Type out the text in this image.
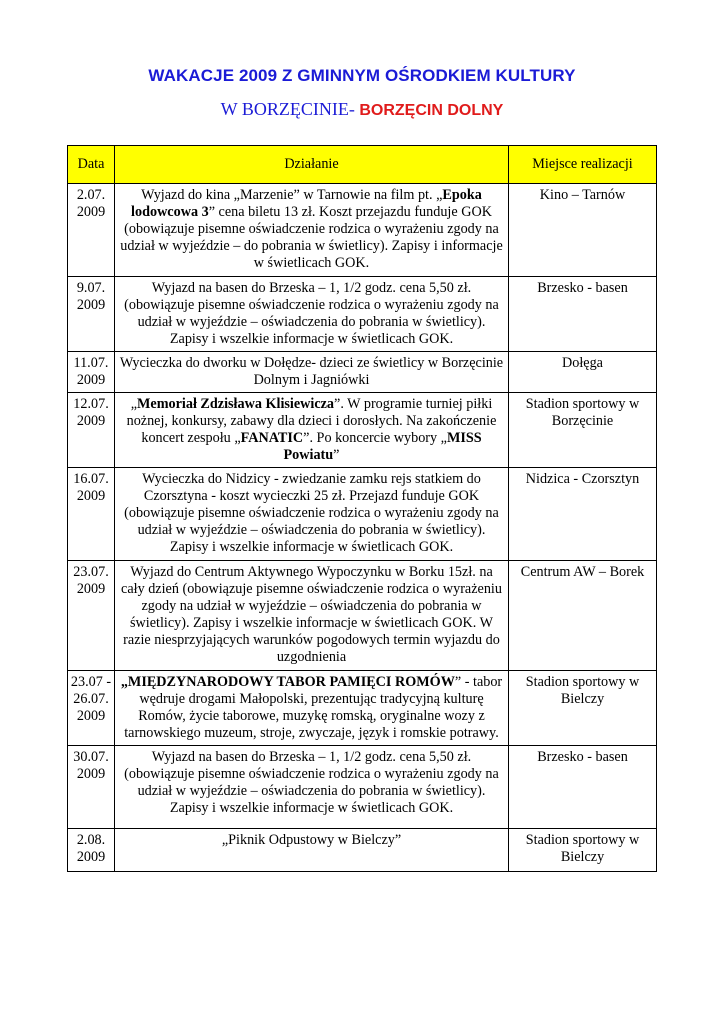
WAKACJE 2009 Z GMINNYM OŚRODKIEM KULTURY
W BORZĘCINIE- BORZĘCIN DOLNY
Data	Działanie	Miejsce realizacji
2.07. 2009	Wyjazd do kina „Marzenie” w Tarnowie na film pt. „Epoka lodowcowa 3” cena biletu 13 zł. Koszt przejazdu funduje GOK (obowiązuje pisemne oświadczenie rodzica o wyrażeniu zgody na udział w wyjeździe – do pobrania w świetlicy). Zapisy i informacje w świetlicach GOK.	Kino – Tarnów
9.07. 2009	Wyjazd na basen do Brzeska – 1, 1/2 godz. cena 5,50 zł. (obowiązuje pisemne oświadczenie rodzica o wyrażeniu zgody na udział w wyjeździe – oświadczenia do pobrania w świetlicy). Zapisy i wszelkie informacje w świetlicach GOK.	Brzesko - basen
11.07. 2009	Wycieczka do dworku w Dołędze- dzieci ze świetlicy w Borzęcinie Dolnym i Jagniówki	Dołęga
12.07. 2009	„Memoriał Zdzisława Klisiewicza”. W programie turniej piłki nożnej, konkursy, zabawy dla dzieci i dorosłych. Na zakończenie koncert zespołu „FANATIC”. Po koncercie wybory „MISS Powiatu”	Stadion sportowy w Borzęcinie
16.07. 2009	Wycieczka do Nidzicy - zwiedzanie zamku rejs statkiem do Czorsztyna - koszt wycieczki 25 zł. Przejazd funduje GOK (obowiązuje pisemne oświadczenie rodzica o wyrażeniu zgody na udział w wyjeździe – oświadczenia do pobrania w świetlicy). Zapisy i wszelkie informacje w świetlicach GOK.	Nidzica - Czorsztyn
23.07. 2009	Wyjazd do Centrum Aktywnego Wypoczynku w Borku 15zł. na cały dzień (obowiązuje pisemne oświadczenie rodzica o wyrażeniu zgody na udział w wyjeździe – oświadczenia do pobrania w świetlicy). Zapisy i wszelkie informacje w świetlicach GOK. W razie niesprzyjających warunków pogodowych termin wyjazdu do uzgodnienia	Centrum AW – Borek
23.07 - 26.07. 2009	„MIĘDZYNARODOWY TABOR PAMIĘCI ROMÓW” - tabor wędruje drogami Małopolski, prezentując tradycyjną kulturę Romów, życie taborowe, muzykę romską, oryginalne wozy z tarnowskiego muzeum, stroje, zwyczaje, język i romskie potrawy.	Stadion sportowy w Bielczy
30.07. 2009	Wyjazd na basen do Brzeska – 1, 1/2 godz. cena 5,50 zł. (obowiązuje pisemne oświadczenie rodzica o wyrażeniu zgody na udział w wyjeździe – oświadczenia do pobrania w świetlicy). Zapisy i wszelkie informacje w świetlicach GOK.	Brzesko - basen
2.08. 2009	„Piknik Odpustowy w Bielczy”	Stadion sportowy w Bielczy
